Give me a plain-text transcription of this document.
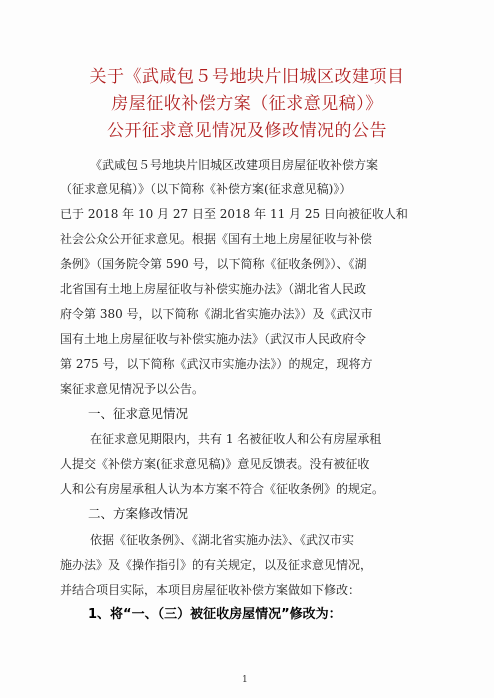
关于《武咸包５号地块片旧城区改建项目
房屋征收补偿方案（征求意见稿）》
公开征求意见情况及修改情况的公告
《武咸包５号地块片旧城区改建项目房屋征收补偿方案
（征求意见稿）》（以下简称《补偿方案(征求意见稿)》）
已于 2018 年 10 月 27 日至 2018 年 11 月 25 日向被征收人和
社会公众公开征求意见。根据《国有土地上房屋征收与补偿
条例》（国务院令第 590 号，以下简称《征收条例》）、《湖
北省国有土地上房屋征收与补偿实施办法》（湖北省人民政
府令第 380 号，以下简称《湖北省实施办法》）及《武汉市
国有土地上房屋征收与补偿实施办法》（武汉市人民政府令
第 275 号，以下简称《武汉市实施办法》）的规定，现将方
案征求意见情况予以公告。
一、征求意见情况
在征求意见期限内，共有 1 名被征收人和公有房屋承租
人提交《补偿方案(征求意见稿)》意见反馈表。没有被征收
人和公有房屋承租人认为本方案不符合《征收条例》的规定。
二、方案修改情况
依据《征收条例》、《湖北省实施办法》、《武汉市实
施办法》及《操作指引》的有关规定，以及征求意见情况，
并结合项目实际，本项目房屋征收补偿方案做如下修改：
1、将“一、（三）被征收房屋情况”修改为：
1
